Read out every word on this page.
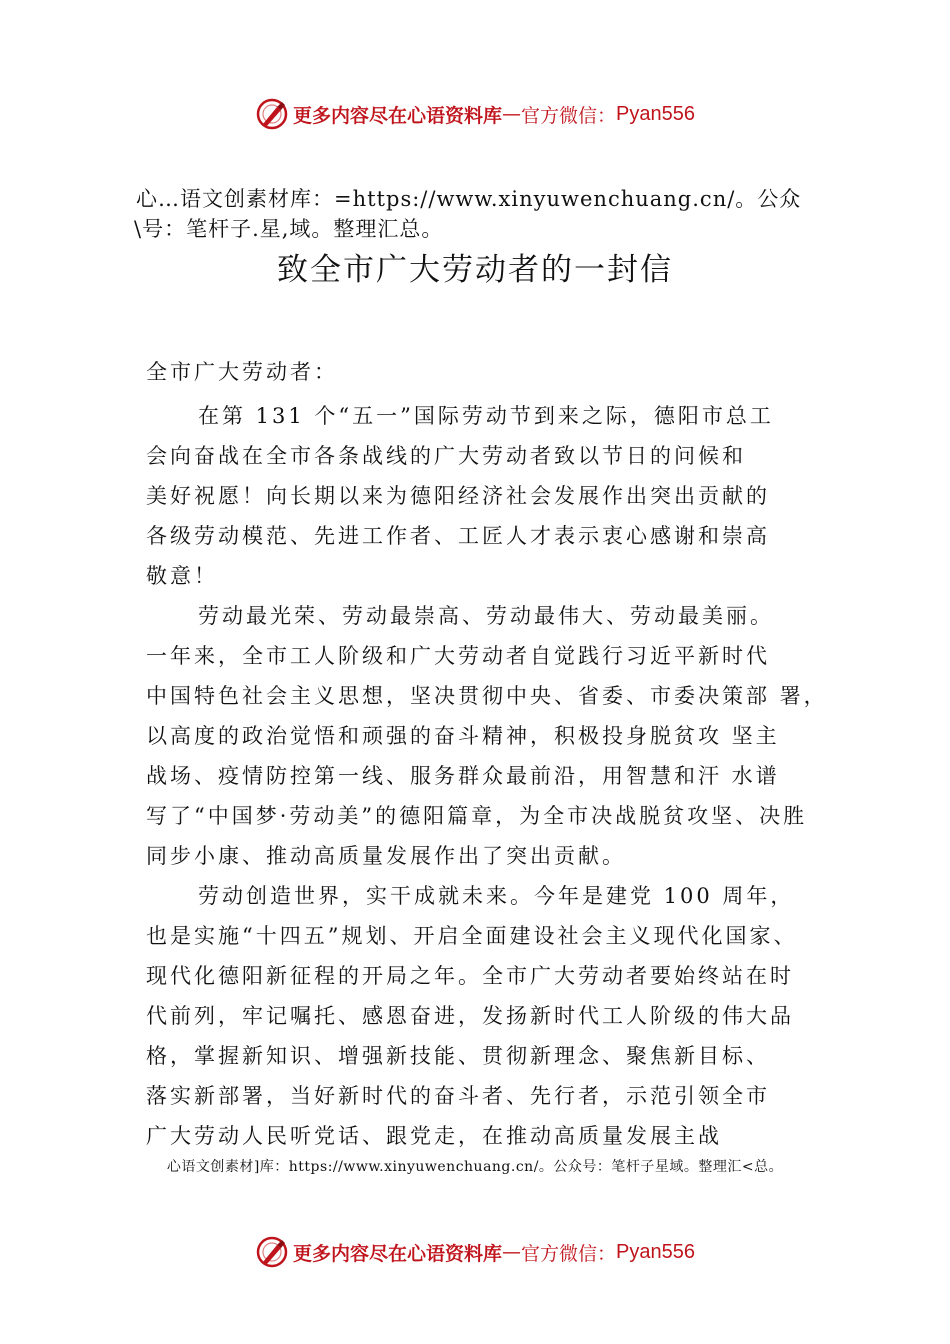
更多内容尽在心语资料库 — 官方微信： Pyan556
心…语文创素材库：=https://www.xinyuwenchuang.cn/。公众
\号：笔杆子.星,域。整理汇总。
致全市广大劳动者的一封信
全市广大劳动者：
在第 131 个“五一”国际劳动节到来之际，德阳市总工
会向奋战在全市各条战线的广大劳动者致以节日的问候和
美好祝愿！向长期以来为德阳经济社会发展作出突出贡献的
各级劳动模范、先进工作者、工匠人才表示衷心感谢和崇高
敬意！
劳动最光荣、劳动最崇高、劳动最伟大、劳动最美丽。
一年来，全市工人阶级和广大劳动者自觉践行习近平新时代
中国特色社会主义思想，坚决贯彻中央、省委、市委决策部 署，
以高度的政治觉悟和顽强的奋斗精神，积极投身脱贫攻 坚主
战场、疫情防控第一线、服务群众最前沿，用智慧和汗 水谱
写了“中国梦·劳动美”的德阳篇章，为全市决战脱贫攻坚、决胜
同步小康、推动高质量发展作出了突出贡献。
劳动创造世界，实干成就未来。今年是建党 100 周年，
也是实施“十四五”规划、开启全面建设社会主义现代化国家、
现代化德阳新征程的开局之年。全市广大劳动者要始终站在时
代前列，牢记嘱托、感恩奋进，发扬新时代工人阶级的伟大品
格，掌握新知识、增强新技能、贯彻新理念、聚焦新目标、
落实新部署，当好新时代的奋斗者、先行者，示范引领全市
广大劳动人民听党话、跟党走，在推动高质量发展主战
心语文创素材]库：https://www.xinyuwenchuang.cn/。公众号：笔杆子星域。整理汇<总。
更多内容尽在心语资料库 — 官方微信： Pyan556
